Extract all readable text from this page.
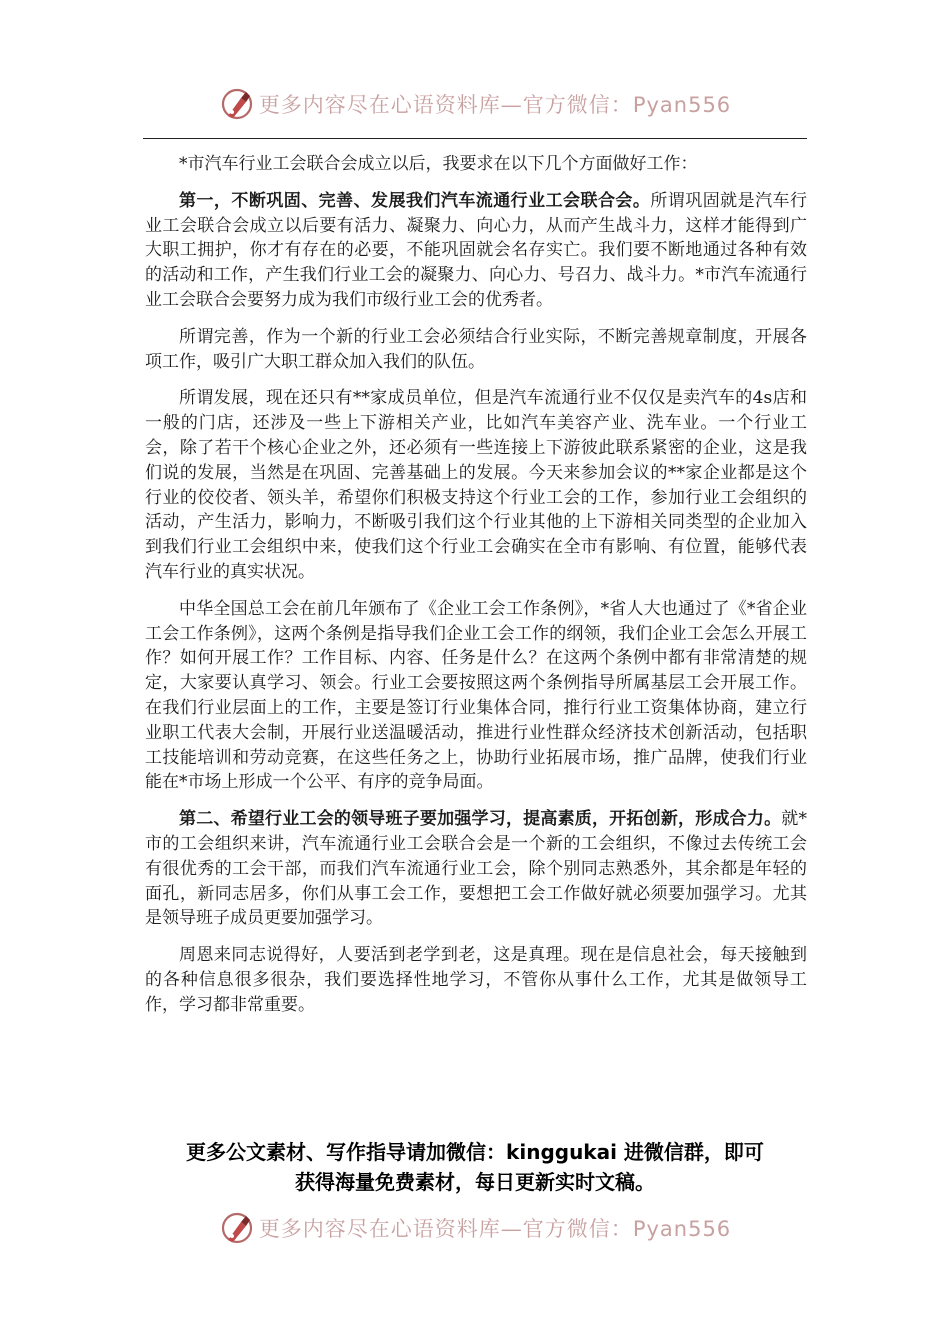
更多内容尽在心语资料库—官方微信：Pyan556

*市汽车行业工会联合会成立以后，我要求在以下几个方面做好工作：

第一，不断巩固、完善、发展我们汽车流通行业工会联合会。所谓巩固就是汽车行业工会联合会成立以后要有活力、凝聚力、向心力，从而产生战斗力，这样才能得到广大职工拥护，你才有存在的必要，不能巩固就会名存实亡。我们要不断地通过各种有效的活动和工作，产生我们行业工会的凝聚力、向心力、号召力、战斗力。*市汽车流通行业工会联合会要努力成为我们市级行业工会的优秀者。

所谓完善，作为一个新的行业工会必须结合行业实际，不断完善规章制度，开展各项工作，吸引广大职工群众加入我们的队伍。

所谓发展，现在还只有**家成员单位，但是汽车流通行业不仅仅是卖汽车的4s店和一般的门店，还涉及一些上下游相关产业，比如汽车美容产业、洗车业。一个行业工会，除了若干个核心企业之外，还必须有一些连接上下游彼此联系紧密的企业，这是我们说的发展，当然是在巩固、完善基础上的发展。今天来参加会议的**家企业都是这个行业的佼佼者、领头羊，希望你们积极支持这个行业工会的工作，参加行业工会组织的活动，产生活力，影响力，不断吸引我们这个行业其他的上下游相关同类型的企业加入到我们行业工会组织中来，使我们这个行业工会确实在全市有影响、有位置，能够代表汽车行业的真实状况。

中华全国总工会在前几年颁布了《企业工会工作条例》，*省人大也通过了《*省企业工会工作条例》，这两个条例是指导我们企业工会工作的纲领，我们企业工会怎么开展工作？如何开展工作？工作目标、内容、任务是什么？在这两个条例中都有非常清楚的规定，大家要认真学习、领会。行业工会要按照这两个条例指导所属基层工会开展工作。在我们行业层面上的工作，主要是签订行业集体合同，推行行业工资集体协商，建立行业职工代表大会制，开展行业送温暖活动，推进行业性群众经济技术创新活动，包括职工技能培训和劳动竞赛，在这些任务之上，协助行业拓展市场，推广品牌，使我们行业能在*市场上形成一个公平、有序的竞争局面。

第二、希望行业工会的领导班子要加强学习，提高素质，开拓创新，形成合力。就*市的工会组织来讲，汽车流通行业工会联合会是一个新的工会组织，不像过去传统工会有很优秀的工会干部，而我们汽车流通行业工会，除个别同志熟悉外，其余都是年轻的面孔，新同志居多，你们从事工会工作，要想把工会工作做好就必须要加强学习。尤其是领导班子成员更要加强学习。

周恩来同志说得好，人要活到老学到老，这是真理。现在是信息社会，每天接触到的各种信息很多很杂，我们要选择性地学习，不管你从事什么工作，尤其是做领导工作，学习都非常重要。

更多公文素材、写作指导请加微信：kinggukai 进微信群，即可
获得海量免费素材，每日更新实时文稿。
更多内容尽在心语资料库—官方微信：Pyan556
